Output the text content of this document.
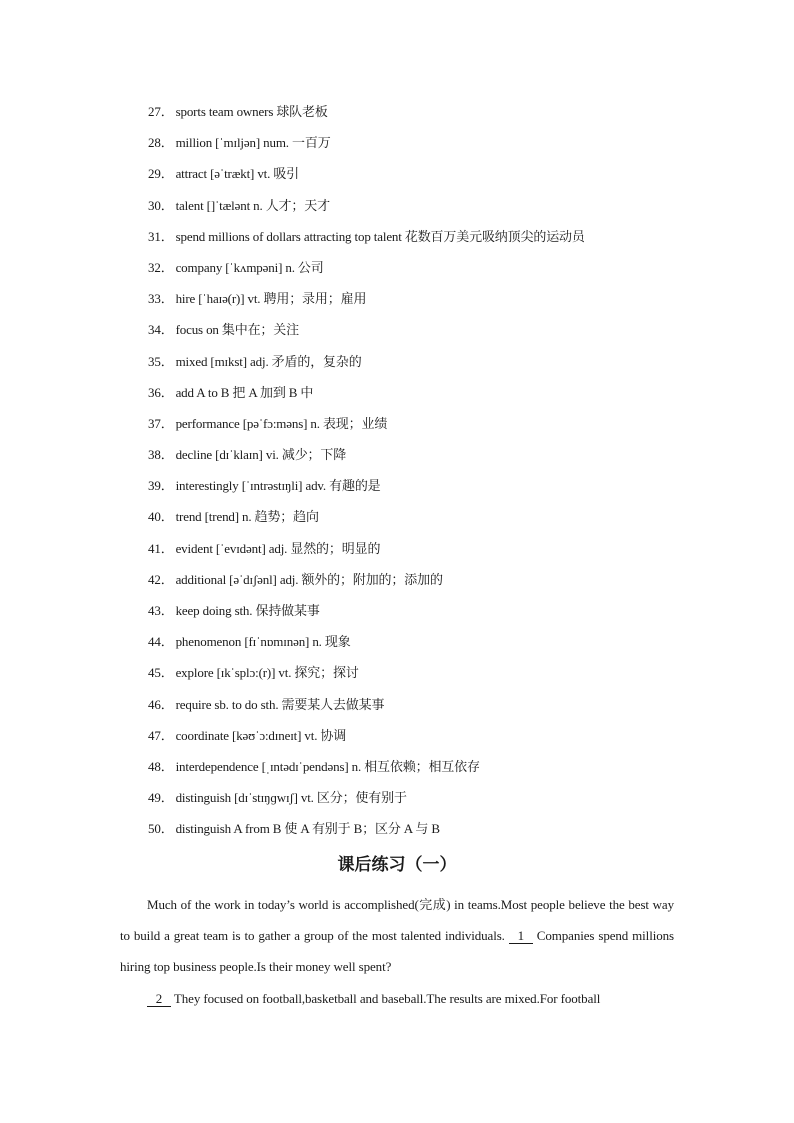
27． sports team owners 球队老板
28． million [ˈmɪljən] num. 一百万
29． attract [əˈtrækt] vt. 吸引
30． talent []ˈtælənt n. 人才；天才
31． spend millions of dollars attracting top talent 花数百万美元吸纳顶尖的运动员
32． company [ˈkʌmpəni] n. 公司
33． hire [ˈhaɪə(r)] vt. 聘用；录用；雇用
34． focus on 集中在；关注
35． mixed [mɪkst] adj. 矛盾的，复杂的
36． add A to B 把 A 加到 B 中
37． performance [pəˈfɔ:məns] n. 表现；业绩
38． decline [dɪˈklaɪn] vi. 减少；下降
39． interestingly [ˈɪntrəstɪŋli] adv. 有趣的是
40． trend [trend] n. 趋势；趋向
41． evident [ˈevɪdənt] adj. 显然的；明显的
42． additional [əˈdɪʃənl] adj. 额外的；附加的；添加的
43． keep doing sth. 保持做某事
44． phenomenon [fɪˈnɒmɪnən] n. 现象
45． explore [ɪkˈsplɔ:(r)] vt. 探究；探讨
46． require sb. to do sth. 需要某人去做某事
47． coordinate [kəʊˈɔ:dɪneɪt] vt. 协调
48． interdependence [ˌɪntədɪˈpendəns] n. 相互依赖；相互依存
49． distinguish [dɪˈstɪŋɡwɪʃ] vt. 区分；使有别于
50． distinguish A from B 使 A 有别于 B；区分 A 与 B
课后练习（一）

Much of the work in today’s world is accomplished(完成) in teams.Most people believe the best way to build a great team is to gather a group of the most talented individuals. 1 Companies spend millions hiring top business people.Is their money well spent?

2 They focused on football,basketball and baseball.The results are mixed.For football
